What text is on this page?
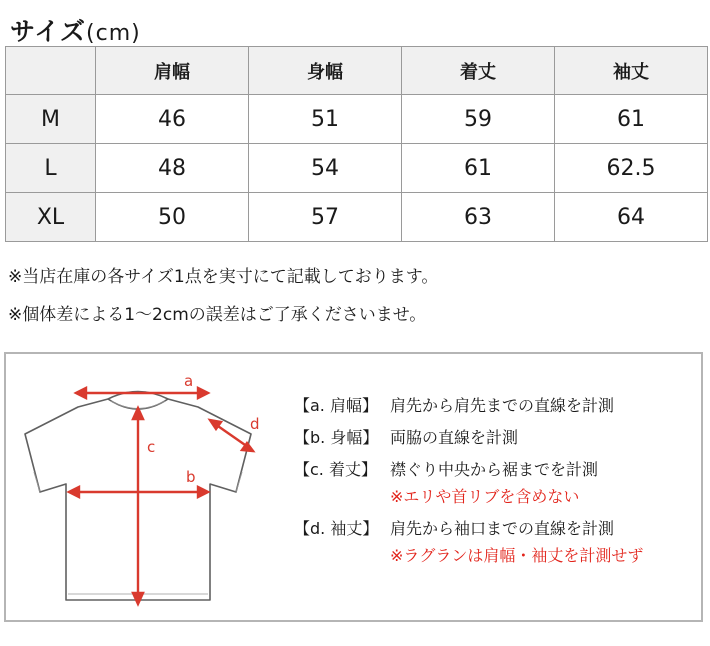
サイズ(cm)
	肩幅	身幅	着丈	袖丈
M	46	51	59	61
L	48	54	61	62.5
XL	50	57	63	64
※当店在庫の各サイズ1点を実寸にて記載しております。
※個体差による1〜2cmの誤差はご了承くださいませ。
a
c
b
d
【a. 肩幅】 肩先から肩先までの直線を計測
【b. 身幅】 両脇の直線を計測
【c. 着丈】 襟ぐり中央から裾までを計測
※エリや首リブを含めない
【d. 袖丈】 肩先から袖口までの直線を計測
※ラグランは肩幅・袖丈を計測せず
